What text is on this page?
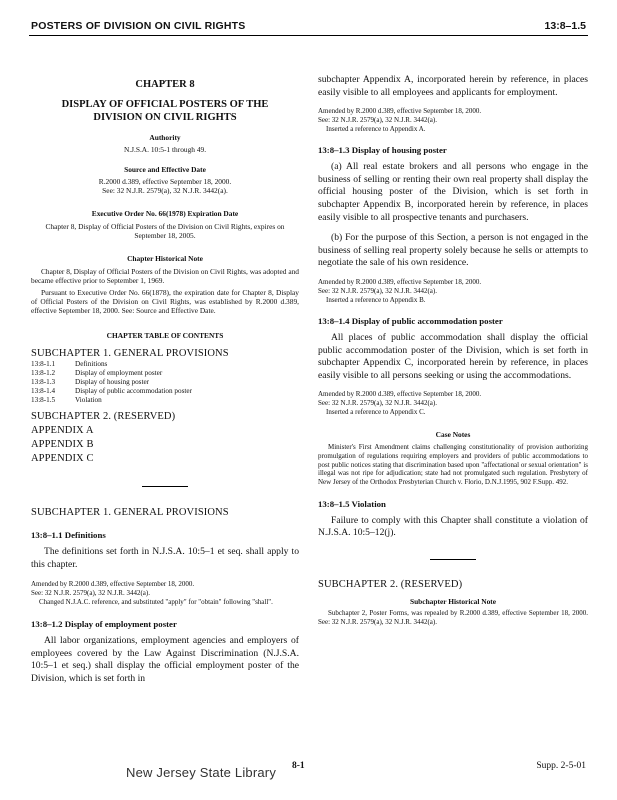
POSTERS OF DIVISION ON CIVIL RIGHTS	13:8–1.5

CHAPTER 8

DISPLAY OF OFFICIAL POSTERS OF THE DIVISION ON CIVIL RIGHTS

Authority

N.J.S.A. 10:5-1 through 49.

Source and Effective Date

R.2000 d.389, effective September 18, 2000.

See: 32 N.J.R. 2579(a), 32 N.J.R. 3442(a).

Executive Order No. 66(1978) Expiration Date

Chapter 8, Display of Official Posters of the Division on Civil Rights, expires on September 18, 2005.

Chapter Historical Note

Chapter 8, Display of Official Posters of the Division on Civil Rights, was adopted and became effective prior to September 1, 1969.

Pursuant to Executive Order No. 66(1878), the expiration date for Chapter 8, Display of Official Posters of the Division on Civil Rights, was established by R.2000 d.389, effective September 18, 2000. See: Source and Effective Date.

CHAPTER TABLE OF CONTENTS

SUBCHAPTER 1. GENERAL PROVISIONS

13:8-1.1	Definitions
13:8-1.2	Display of employment poster
13:8-1.3	Display of housing poster
13:8-1.4	Display of public accommodation poster
13:8-1.5	Violation

SUBCHAPTER 2. (RESERVED)

APPENDIX A

APPENDIX B

APPENDIX C

SUBCHAPTER 1. GENERAL PROVISIONS

13:8–1.1 Definitions

The definitions set forth in N.J.S.A. 10:5–1 et seq. shall apply to this chapter.

Amended by R.2000 d.389, effective September 18, 2000.

See: 32 N.J.R. 2579(a), 32 N.J.R. 3442(a).

Changed N.J.A.C. reference, and substituted "apply" for "obtain" following "shall".

13:8–1.2 Display of employment poster

All labor organizations, employment agencies and employers of employees covered by the Law Against Discrimination (N.J.S.A. 10:5–1 et seq.) shall display the official employment poster of the Division, which is set forth in

subchapter Appendix A, incorporated herein by reference, in places easily visible to all employees and applicants for employment.

Amended by R.2000 d.389, effective September 18, 2000.

See: 32 N.J.R. 2579(a), 32 N.J.R. 3442(a).

Inserted a reference to Appendix A.

13:8–1.3 Display of housing poster

(a) All real estate brokers and all persons who engage in the business of selling or renting their own real property shall display the official housing poster of the Division, which is set forth in subchapter Appendix B, incorporated herein by reference, in places easily visible to all prospective tenants and purchasers.

(b) For the purpose of this Section, a person is not engaged in the business of selling real property solely because he sells or attempts to negotiate the sale of his own residence.

Amended by R.2000 d.389, effective September 18, 2000.

See: 32 N.J.R. 2579(a), 32 N.J.R. 3442(a).

Inserted a reference to Appendix B.

13:8–1.4 Display of public accommodation poster

All places of public accommodation shall display the official public accommodation poster of the Division, which is set forth in subchapter Appendix C, incorporated herein by reference, in places easily visible to all persons seeking or using the accommodations.

Amended by R.2000 d.389, effective September 18, 2000.

See: 32 N.J.R. 2579(a), 32 N.J.R. 3442(a).

Inserted a reference to Appendix C.

Case Notes

Minister's First Amendment claims challenging constitutionality of provision authorizing promulgation of regulations requiring employers and providers of public accommodations to post public notices stating that discrimination based upon "affectational or sexual orientation" is illegal was not ripe for adjudication; state had not promulgated such regulation. Presbytery of New Jersey of the Orthodox Presbyterian Church v. Florio, D.N.J.1995, 902 F.Supp. 492.

13:8–1.5 Violation

Failure to comply with this Chapter shall constitute a violation of N.J.S.A. 10:5–12(j).

SUBCHAPTER 2. (RESERVED)

Subchapter Historical Note

Subchapter 2, Poster Forms, was repealed by R.2000 d.389, effective September 18, 2000. See: 32 N.J.R. 2579(a), 32 N.J.R. 3442(a).

8-1	Supp. 2-5-01
New Jersey State Library
